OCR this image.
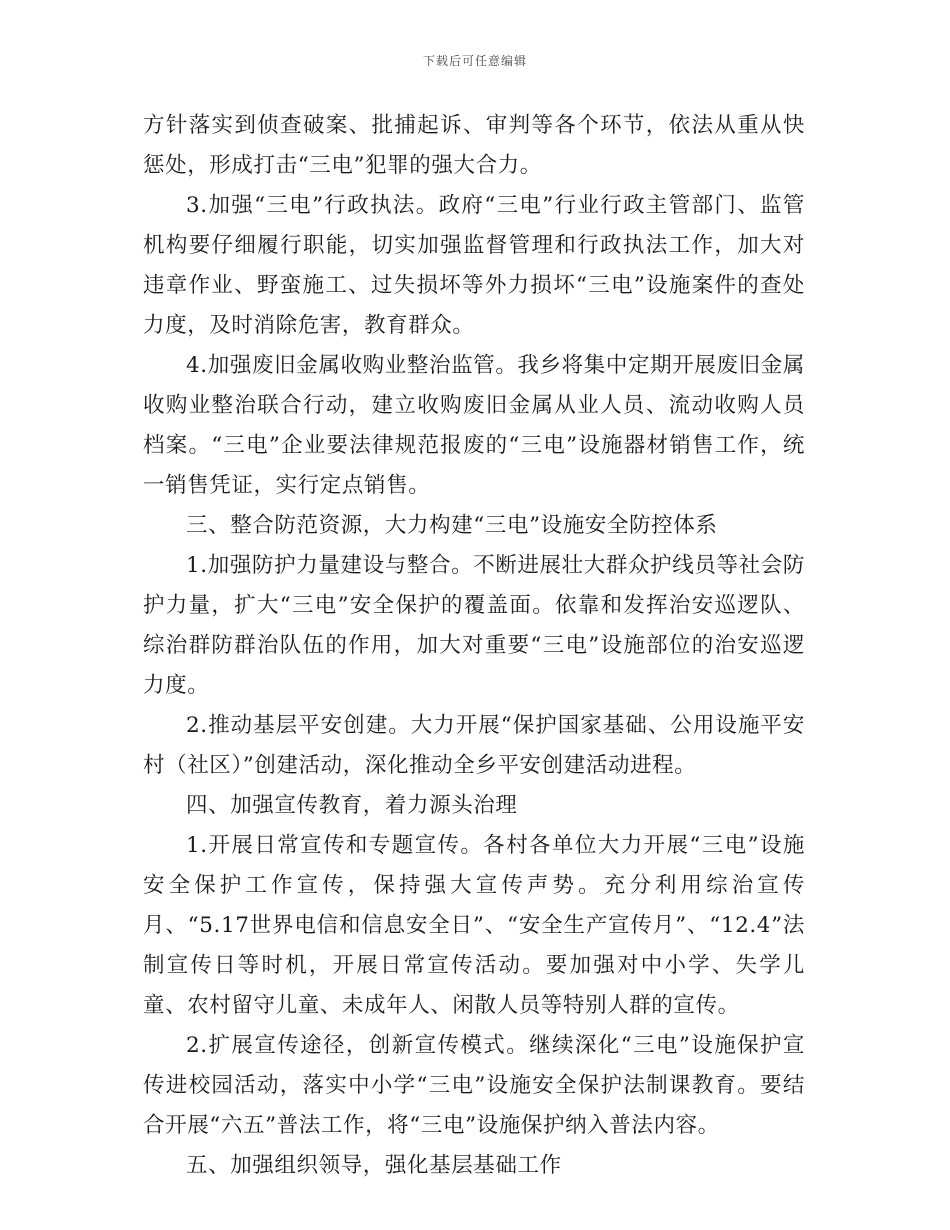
下载后可任意编辑

方针落实到侦查破案、批捕起诉、审判等各个环节，依法从重从快惩处，形成打击“三电”犯罪的强大合力。

3.加强“三电”行政执法。政府“三电”行业行政主管部门、监管机构要仔细履行职能，切实加强监督管理和行政执法工作，加大对违章作业、野蛮施工、过失损坏等外力损坏“三电”设施案件的查处力度，及时消除危害，教育群众。

4.加强废旧金属收购业整治监管。我乡将集中定期开展废旧金属收购业整治联合行动，建立收购废旧金属从业人员、流动收购人员档案。“三电”企业要法律规范报废的“三电”设施器材销售工作，统一销售凭证，实行定点销售。

三、整合防范资源，大力构建“三电”设施安全防控体系

1.加强防护力量建设与整合。不断进展壮大群众护线员等社会防护力量，扩大“三电”安全保护的覆盖面。依靠和发挥治安巡逻队、综治群防群治队伍的作用，加大对重要“三电”设施部位的治安巡逻力度。

2.推动基层平安创建。大力开展“保护国家基础、公用设施平安村（社区）”创建活动，深化推动全乡平安创建活动进程。

四、加强宣传教育，着力源头治理

1.开展日常宣传和专题宣传。各村各单位大力开展“三电”设施安全保护工作宣传，保持强大宣传声势。充分利用综治宣传月、“5.17世界电信和信息安全日”、“安全生产宣传月”、“12.4”法制宣传日等时机，开展日常宣传活动。要加强对中小学、失学儿童、农村留守儿童、未成年人、闲散人员等特别人群的宣传。

2.扩展宣传途径，创新宣传模式。继续深化“三电”设施保护宣传进校园活动，落实中小学“三电”设施安全保护法制课教育。要结合开展“六五”普法工作，将“三电”设施保护纳入普法内容。

五、加强组织领导，强化基层基础工作
